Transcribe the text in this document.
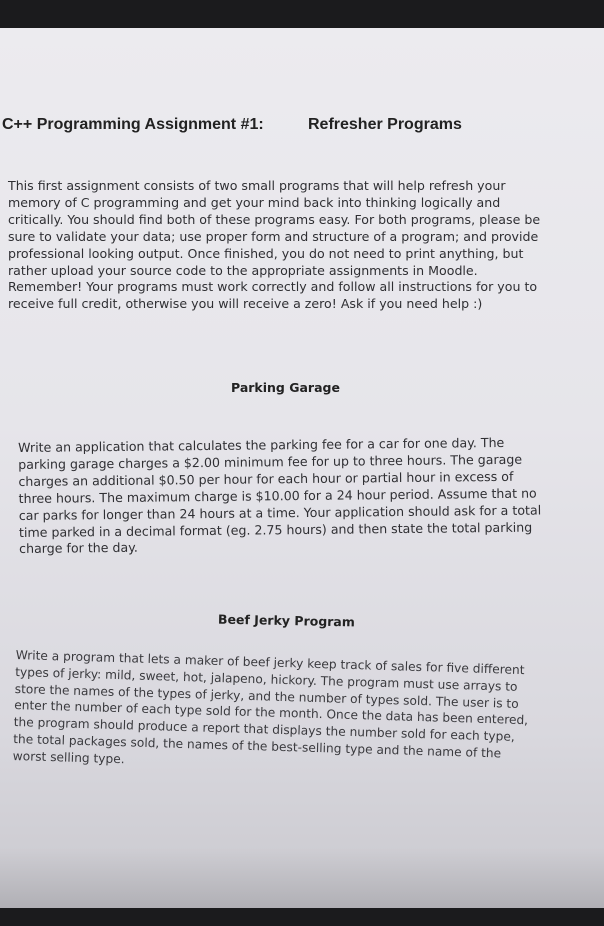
C++ Programming Assignment #1:	Refresher Programs
This first assignment consists of two small programs that will help refresh your memory of C programming and get your mind back into thinking logically and critically. You should find both of these programs easy. For both programs, please be sure to validate your data; use proper form and structure of a program; and provide professional looking output. Once finished, you do not need to print anything, but rather upload your source code to the appropriate assignments in Moodle. Remember! Your programs must work correctly and follow all instructions for you to receive full credit, otherwise you will receive a zero! Ask if you need help :)
Parking Garage
Write an application that calculates the parking fee for a car for one day. The parking garage charges a $2.00 minimum fee for up to three hours. The garage charges an additional $0.50 per hour for each hour or partial hour in excess of three hours. The maximum charge is $10.00 for a 24 hour period. Assume that no car parks for longer than 24 hours at a time. Your application should ask for a total time parked in a decimal format (eg. 2.75 hours) and then state the total parking charge for the day.
Beef Jerky Program
Write a program that lets a maker of beef jerky keep track of sales for five different types of jerky: mild, sweet, hot, jalapeno, hickory. The program must use arrays to store the names of the types of jerky, and the number of types sold. The user is to enter the number of each type sold for the month. Once the data has been entered, the program should produce a report that displays the number sold for each type, the total packages sold, the names of the best-selling type and the name of the worst selling type.
